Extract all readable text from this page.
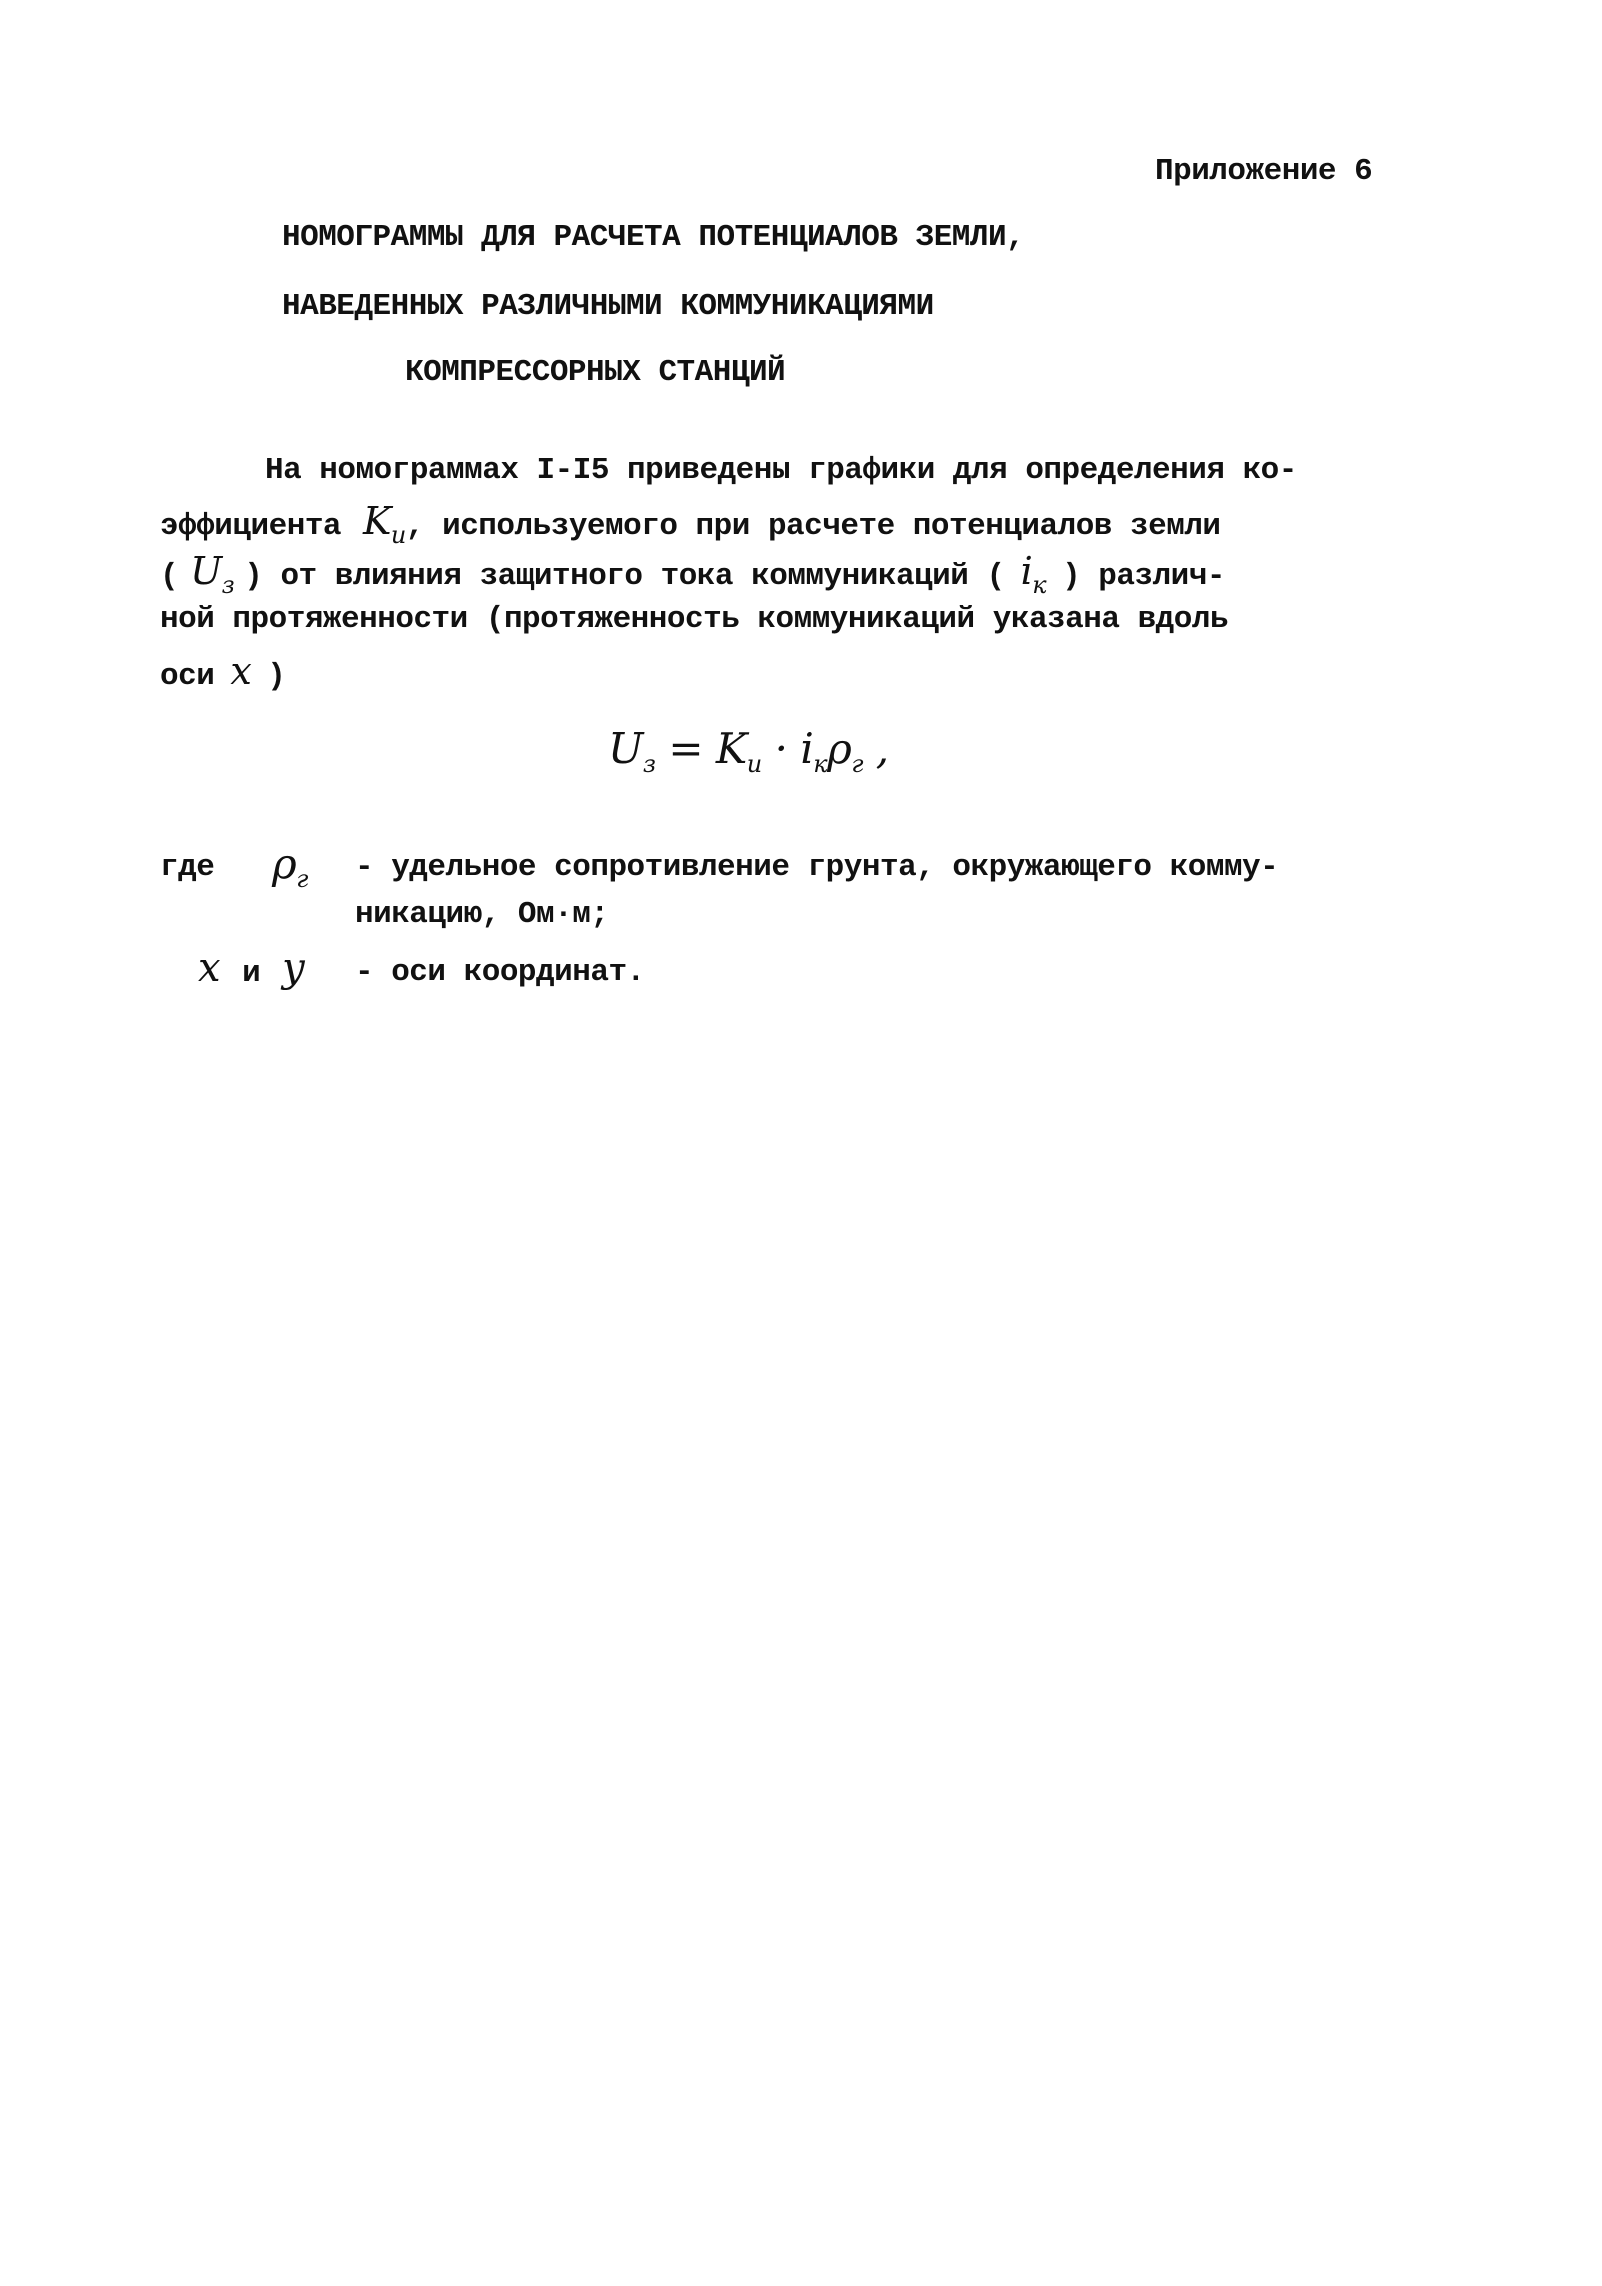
Приложение 6
НОМОГРАММЫ ДЛЯ РАСЧЕТА ПОТЕНЦИАЛОВ ЗЕМЛИ,
НАВЕДЕННЫХ РАЗЛИЧНЫМИ КОММУНИКАЦИЯМИ
КОМПРЕССОРНЫХ СТАНЦИЙ
На номограммах I-I5 приведены графики для определения ко-
эффициента $K_u$, используемого при расчете потенциалов земли
( $U_з$ ) от влияния защитного тока коммуникаций ( $i_к$ ) различ-
ной протяженности (протяженность коммуникаций указана вдоль
оси x )
$U_з = K_u \cdot i_к\rho_г$ ,
где $\rho_г$ - удельное сопротивление грунта, окружающего комму-
никацию, Ом·м;
x и y - оси координат.
